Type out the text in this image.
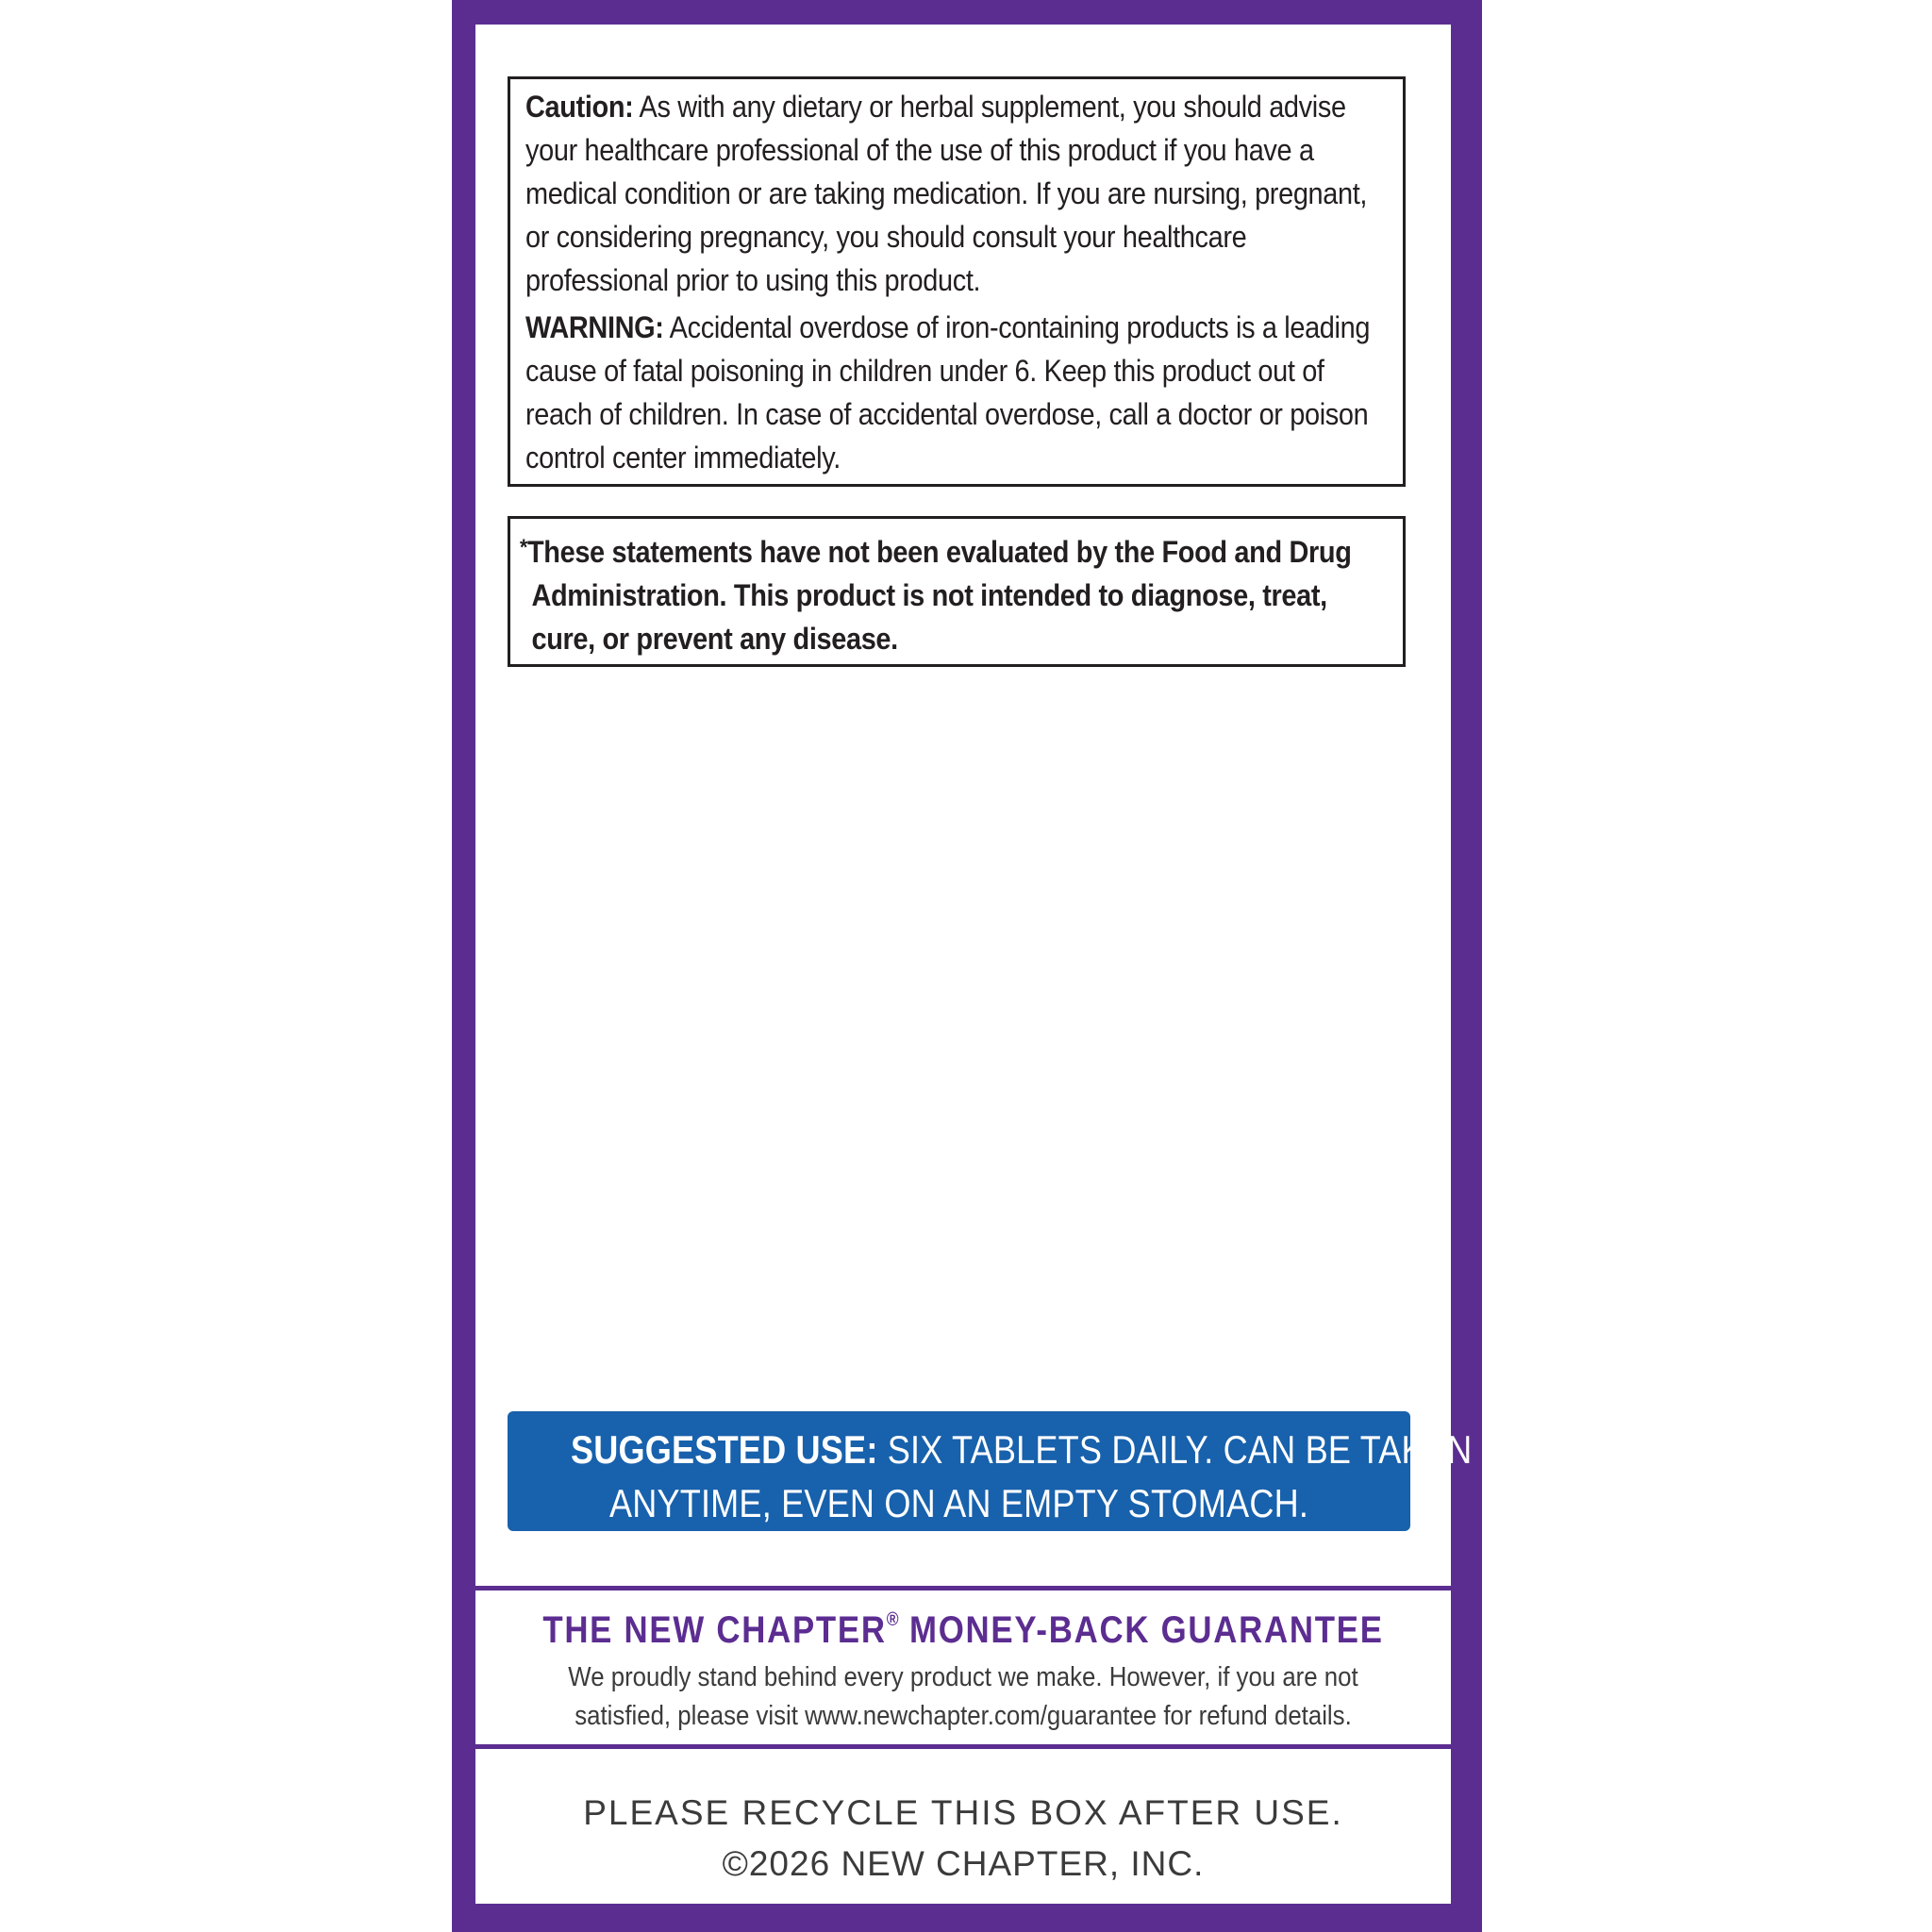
Caution: As with any dietary or herbal supplement, you should advise your healthcare professional of the use of this product if you have a medical condition or are taking medication. If you are nursing, pregnant, or considering pregnancy, you should consult your healthcare professional prior to using this product.

WARNING: Accidental overdose of iron-containing products is a leading cause of fatal poisoning in children under 6. Keep this product out of reach of children. In case of accidental overdose, call a doctor or poison control center immediately.

*These statements have not been evaluated by the Food and Drug Administration. This product is not intended to diagnose, treat, cure, or prevent any disease.

SUGGESTED USE: SIX TABLETS DAILY. CAN BE TAKEN
ANYTIME, EVEN ON AN EMPTY STOMACH.
THE NEW CHAPTER® MONEY-BACK GUARANTEE
We proudly stand behind every product we make. However, if you are not
satisfied, please visit www.newchapter.com/guarantee for refund details.
PLEASE RECYCLE THIS BOX AFTER USE.
©2026 NEW CHAPTER, INC.
